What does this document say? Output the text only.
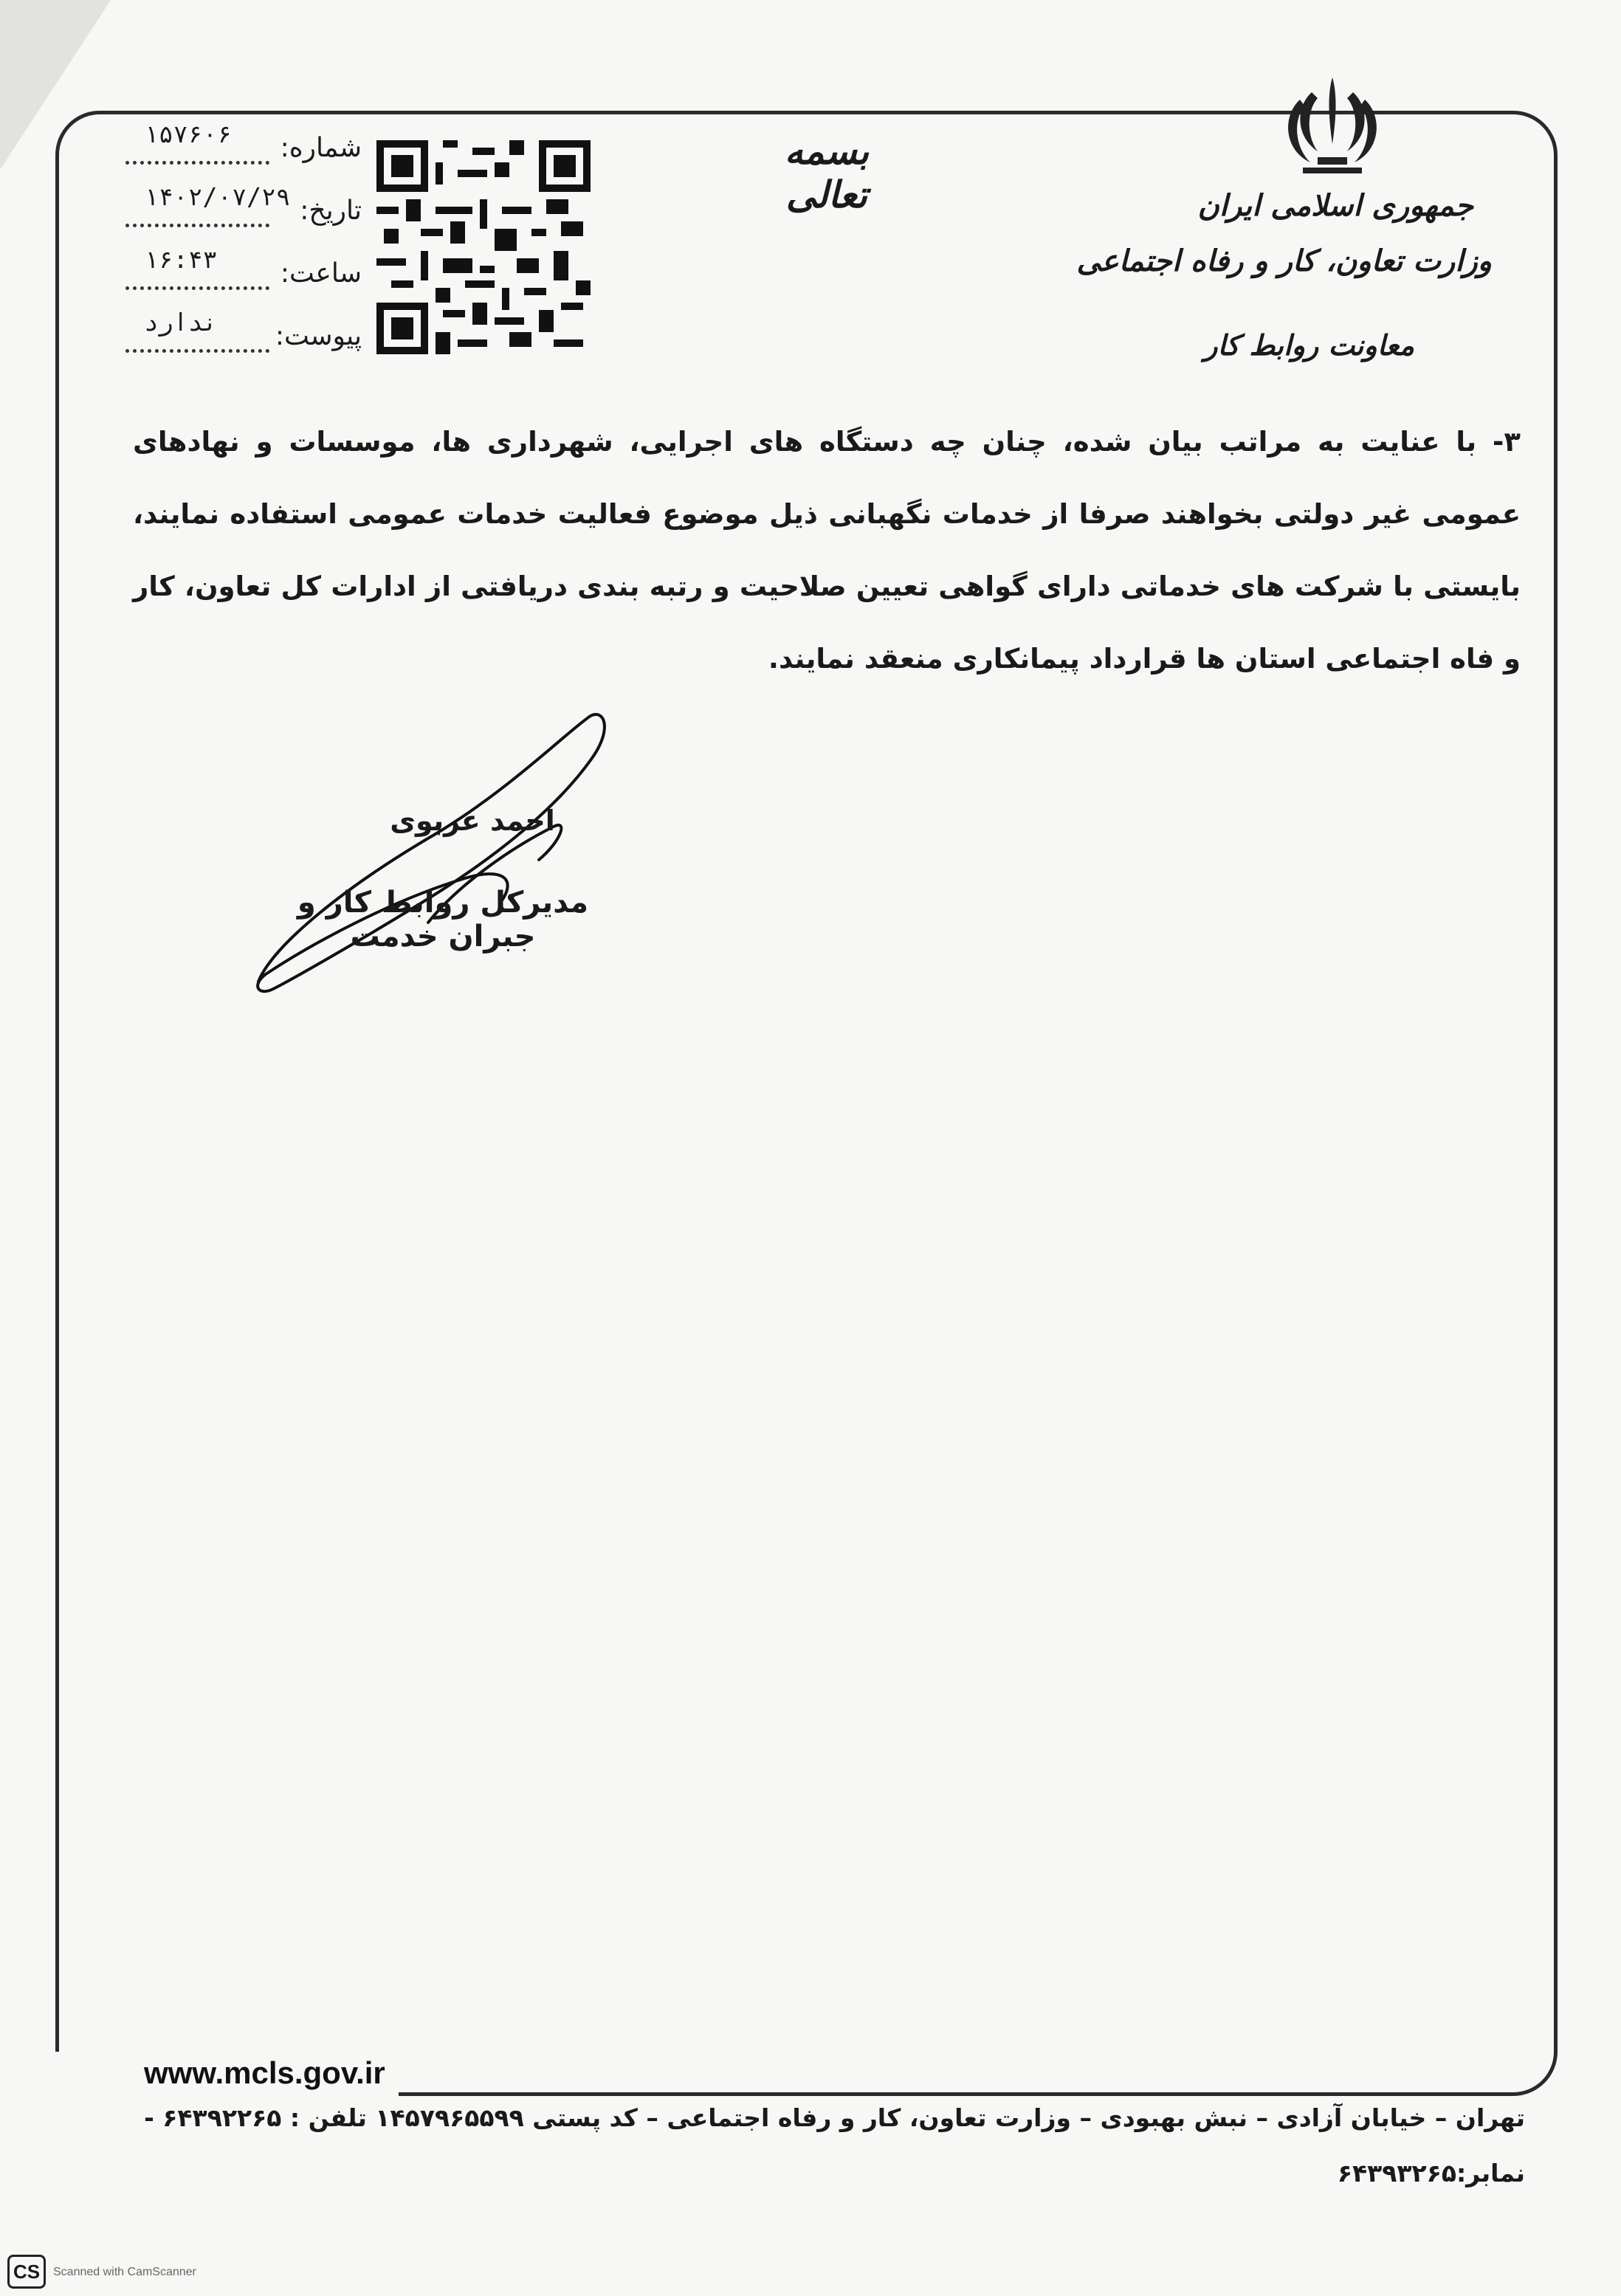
جمهوری اسلامی ایران
وزارت تعاون، کار و رفاه اجتماعی
معاونت روابط کار
بسمه تعالی
شماره:
۱۵۷۶۰۶
تاریخ:
۱۴۰۲/۰۷/۲۹
ساعت:
۱۶:۴۳
پیوست:
ندارد
۳- با عنایت به مراتب بیان شده، چنان چه دستگاه های اجرایی، شهرداری ها، موسسات و نهادهای عمومی غیر دولتی بخواهند صرفا از خدمات نگهبانی ذیل موضوع فعالیت خدمات عمومی استفاده نمایند، بایستی با شرکت های خدماتی دارای گواهی تعیین صلاحیت و رتبه بندی دریافتی از ادارات کل تعاون، کار و فاه اجتماعی استان ها قرارداد پیمانکاری منعقد نمایند.
احمد غربوی
مدیرکل روابط کار و جبران خدمت
www.mcls.gov.ir
تهران – خیابان آزادی – نبش بهبودی – وزارت تعاون، کار و رفاه اجتماعی – کد پستی ۱۴۵۷۹۶۵۵۹۹ تلفن : ۶۴۳۹۲۲۶۵ -
نمابر:۶۴۳۹۳۲۶۵
CS	Scanned with CamScanner
